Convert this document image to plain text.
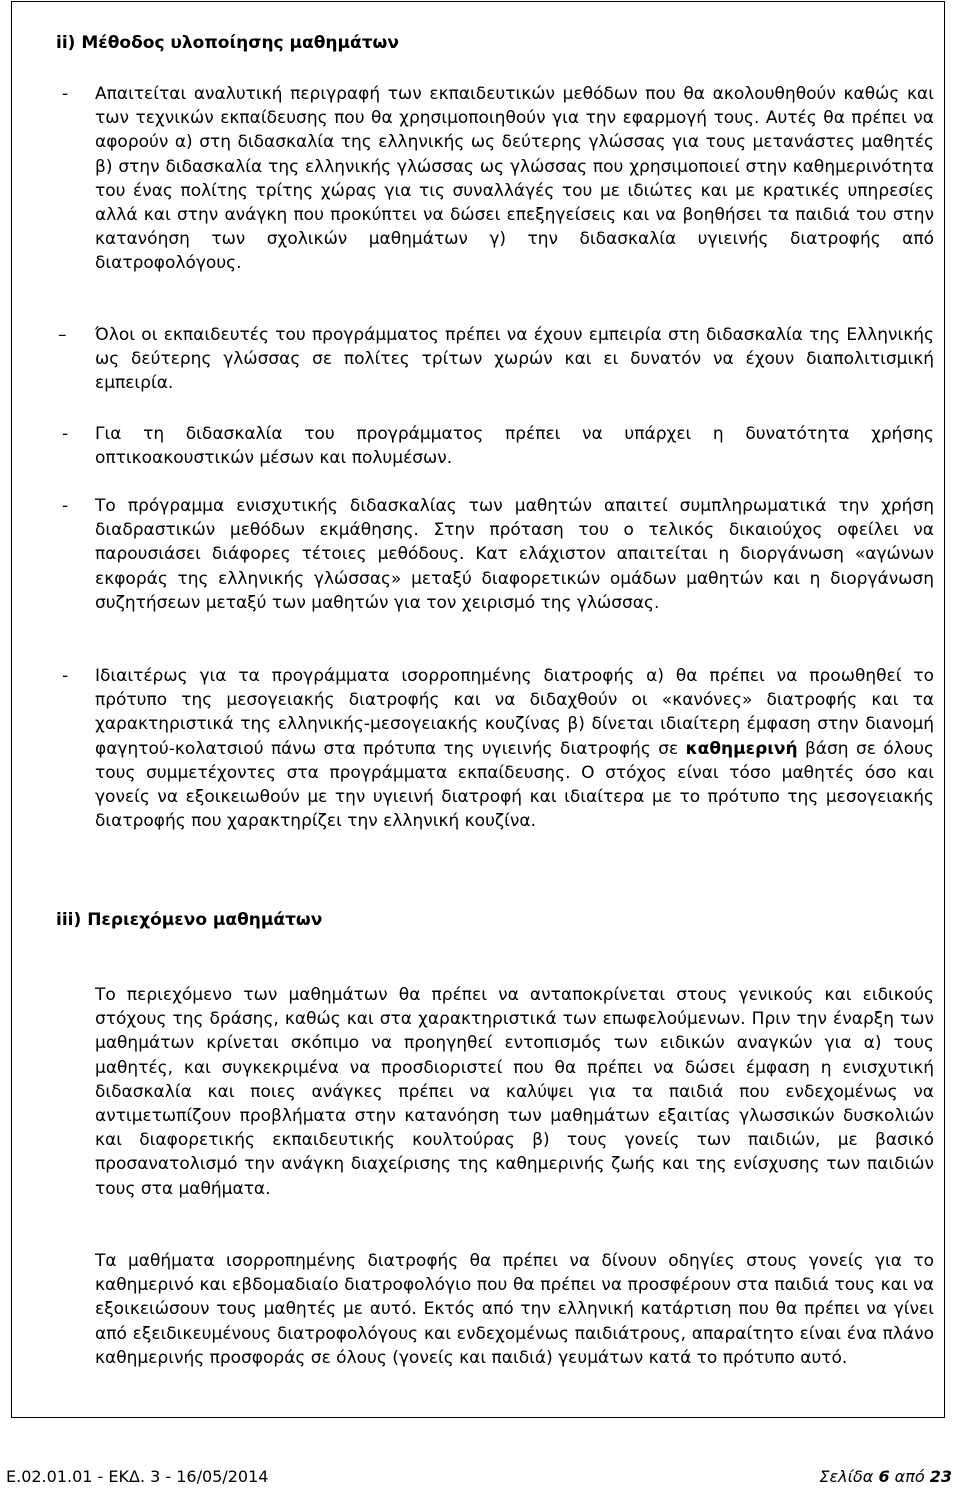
ii) Μέθοδος υλοποίησης μαθημάτων
- Απαιτείται αναλυτική περιγραφή των εκπαιδευτικών μεθόδων που θα ακολουθηθούν καθώς και των τεχνικών εκπαίδευσης που θα χρησιμοποιηθούν για την εφαρμογή τους. Αυτές θα πρέπει να αφορούν α) στη διδασκαλία της ελληνικής ως δεύτερης γλώσσας για τους μετανάστες μαθητές β) στην διδασκαλία της ελληνικής γλώσσας ως γλώσσας που χρησιμοποιεί στην καθημερινότητα του ένας πολίτης τρίτης χώρας για τις συναλλάγές του με ιδιώτες και με κρατικές υπηρεσίες αλλά και στην ανάγκη που προκύπτει να δώσει επεξηγείσεις και να βοηθήσει τα παιδιά του στην κατανόηση των σχολικών μαθημάτων γ) την διδασκαλία υγιεινής διατροφής από διατροφολόγους.

– Όλοι οι εκπαιδευτές του προγράμματος πρέπει να έχουν εμπειρία στη διδασκαλία της Ελληνικής ως δεύτερης γλώσσας σε πολίτες τρίτων χωρών και ει δυνατόν να έχουν διαπολιτισμική εμπειρία.

- Για τη διδασκαλία του προγράμματος πρέπει να υπάρχει η δυνατότητα χρήσης οπτικοακουστικών μέσων και πολυμέσων.

- Το πρόγραμμα ενισχυτικής διδασκαλίας των μαθητών απαιτεί συμπληρωματικά την χρήση διαδραστικών μεθόδων εκμάθησης. Στην πρόταση του ο τελικός δικαιούχος οφείλει να παρουσιάσει διάφορες τέτοιες μεθόδους. Κατ ελάχιστον απαιτείται η διοργάνωση «αγώνων εκφοράς της ελληνικής γλώσσας» μεταξύ διαφορετικών ομάδων μαθητών και η διοργάνωση συζητήσεων μεταξύ των μαθητών για τον χειρισμό της γλώσσας.

- Ιδιαιτέρως για τα προγράμματα ισορροπημένης διατροφής α) θα πρέπει να προωθηθεί το πρότυπο της μεσογειακής διατροφής και να διδαχθούν οι «κανόνες» διατροφής και τα χαρακτηριστικά της ελληνικής-μεσογειακής κουζίνας β) δίνεται ιδιαίτερη έμφαση στην διανομή φαγητού-κολατσιού πάνω στα πρότυπα της υγιεινής διατροφής σε καθημερινή βάση σε όλους τους συμμετέχοντες στα προγράμματα εκπαίδευσης. Ο στόχος είναι τόσο μαθητές όσο και γονείς να εξοικειωθούν με την υγιεινή διατροφή και ιδιαίτερα με το πρότυπο της μεσογειακής διατροφής που χαρακτηρίζει την ελληνική κουζίνα.

iii) Περιεχόμενο μαθημάτων

Το περιεχόμενο των μαθημάτων θα πρέπει να ανταποκρίνεται στους γενικούς και ειδικούς στόχους της δράσης, καθώς και στα χαρακτηριστικά των επωφελούμενων. Πριν την έναρξη των μαθημάτων κρίνεται σκόπιμο να προηγηθεί εντοπισμός των ειδικών αναγκών για α) τους μαθητές, και συγκεκριμένα να προσδιοριστεί που θα πρέπει να δώσει έμφαση η ενισχυτική διδασκαλία και ποιες ανάγκες πρέπει να καλύψει για τα παιδιά που ενδεχομένως να αντιμετωπίζουν προβλήματα στην κατανόηση των μαθημάτων εξαιτίας γλωσσικών δυσκολιών και διαφορετικής εκπαιδευτικής κουλτούρας β) τους γονείς των παιδιών, με βασικό προσανατολισμό την ανάγκη διαχείρισης της καθημερινής ζωής και της ενίσχυσης των παιδιών τους στα μαθήματα.

Τα μαθήματα ισορροπημένης διατροφής θα πρέπει να δίνουν οδηγίες στους γονείς για το καθημερινό και εβδομαδιαίο διατροφολόγιο που θα πρέπει να προσφέρουν στα παιδιά τους και να εξοικειώσουν τους μαθητές με αυτό. Εκτός από την ελληνική κατάρτιση που θα πρέπει να γίνει από εξειδικευμένους διατροφολόγους και ενδεχομένως παιδιάτρους, απαραίτητο είναι ένα πλάνο καθημερινής προσφοράς σε όλους (γονείς και παιδιά) γευμάτων κατά το πρότυπο αυτό.

Ε.02.01.01 - ΕΚΔ. 3 - 16/05/2014	Σελίδα 6 από 23
